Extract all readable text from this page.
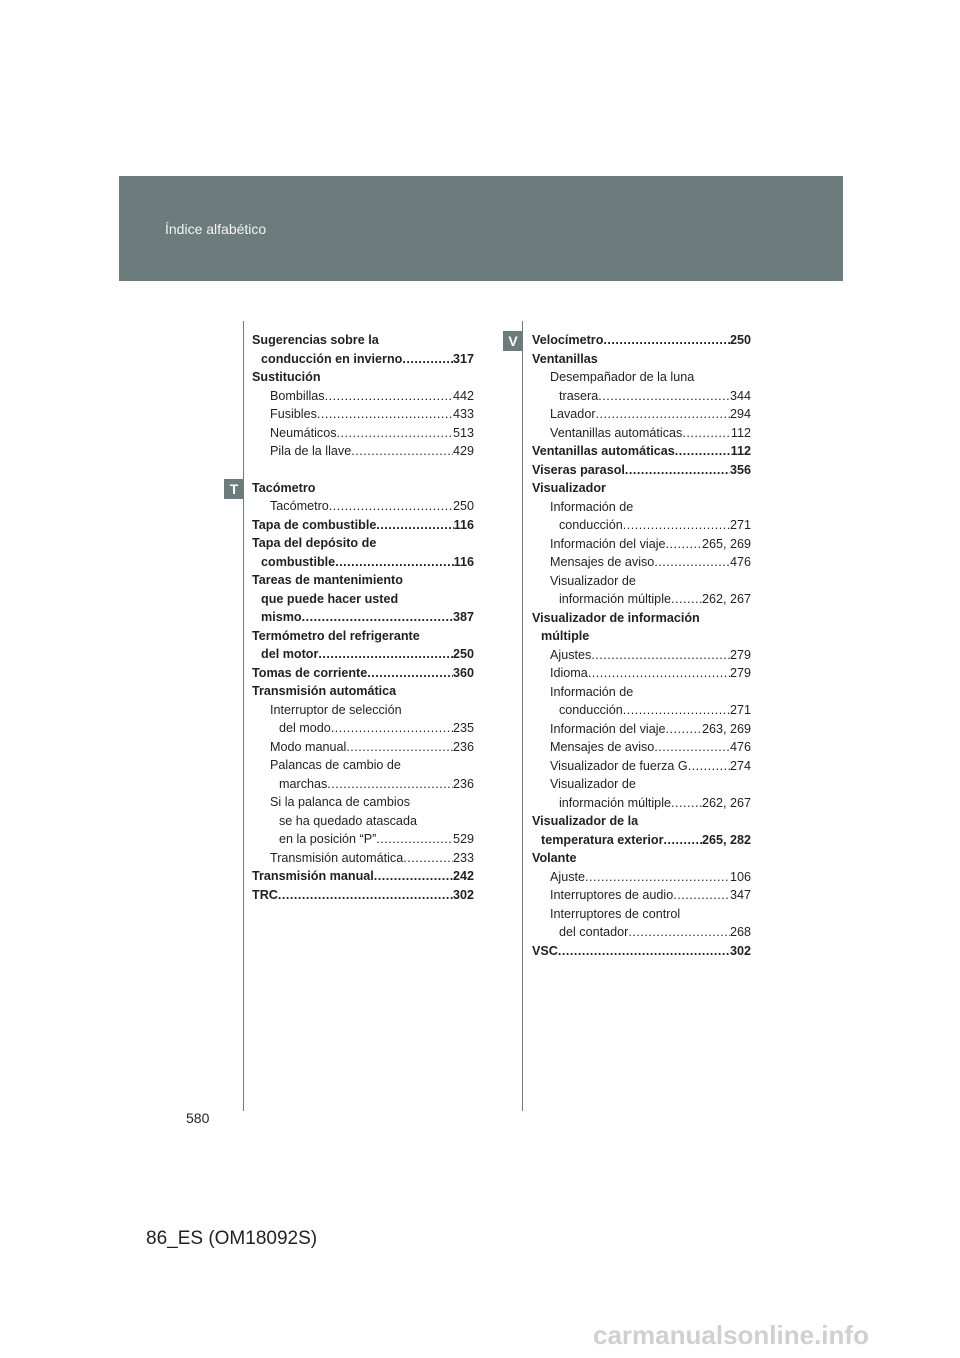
Índice alfabético
V
T
Sugerencias sobre la
conducción en invierno .....	317
Sustitución
Bombillas .....	442
Fusibles .....	433
Neumáticos .....	513
Pila de la llave .....	429
Tacómetro
Tacómetro .....	250
Tapa de combustible .....	116
Tapa del depósito de
combustible .....	116
Tareas de mantenimiento
que puede hacer usted
mismo .....	387
Termómetro del refrigerante
del motor .....	250
Tomas de corriente .....	360
Transmisión automática
Interruptor de selección
del modo .....	235
Modo manual .....	236
Palancas de cambio de
marchas .....	236
Si la palanca de cambios
se ha quedado atascada
en la posición “P” .....	529
Transmisión automática .....	233
Transmisión manual .....	242
TRC .....	302
Velocímetro .....	250
Ventanillas
Desempañador de la luna
trasera .....	344
Lavador .....	294
Ventanillas automáticas .....	112
Ventanillas automáticas .....	112
Viseras parasol .....	356
Visualizador
Información de
conducción .....	271
Información del viaje .....	265, 269
Mensajes de aviso .....	476
Visualizador de
información múltiple ..... 262, 267
Visualizador de información
múltiple
Ajustes .....	279
Idioma .....	279
Información de
conducción .....	271
Información del viaje .....	263, 269
Mensajes de aviso .....	476
Visualizador de fuerza G .....	274
Visualizador de
información múltiple ..... 262, 267
Visualizador de la
temperatura exterior .....	265, 282
Volante
Ajuste .....	106
Interruptores de audio .....	347
Interruptores de control
del contador .....	268
VSC .....	302
580
86_ES (OM18092S)
carmanualsonline.info
